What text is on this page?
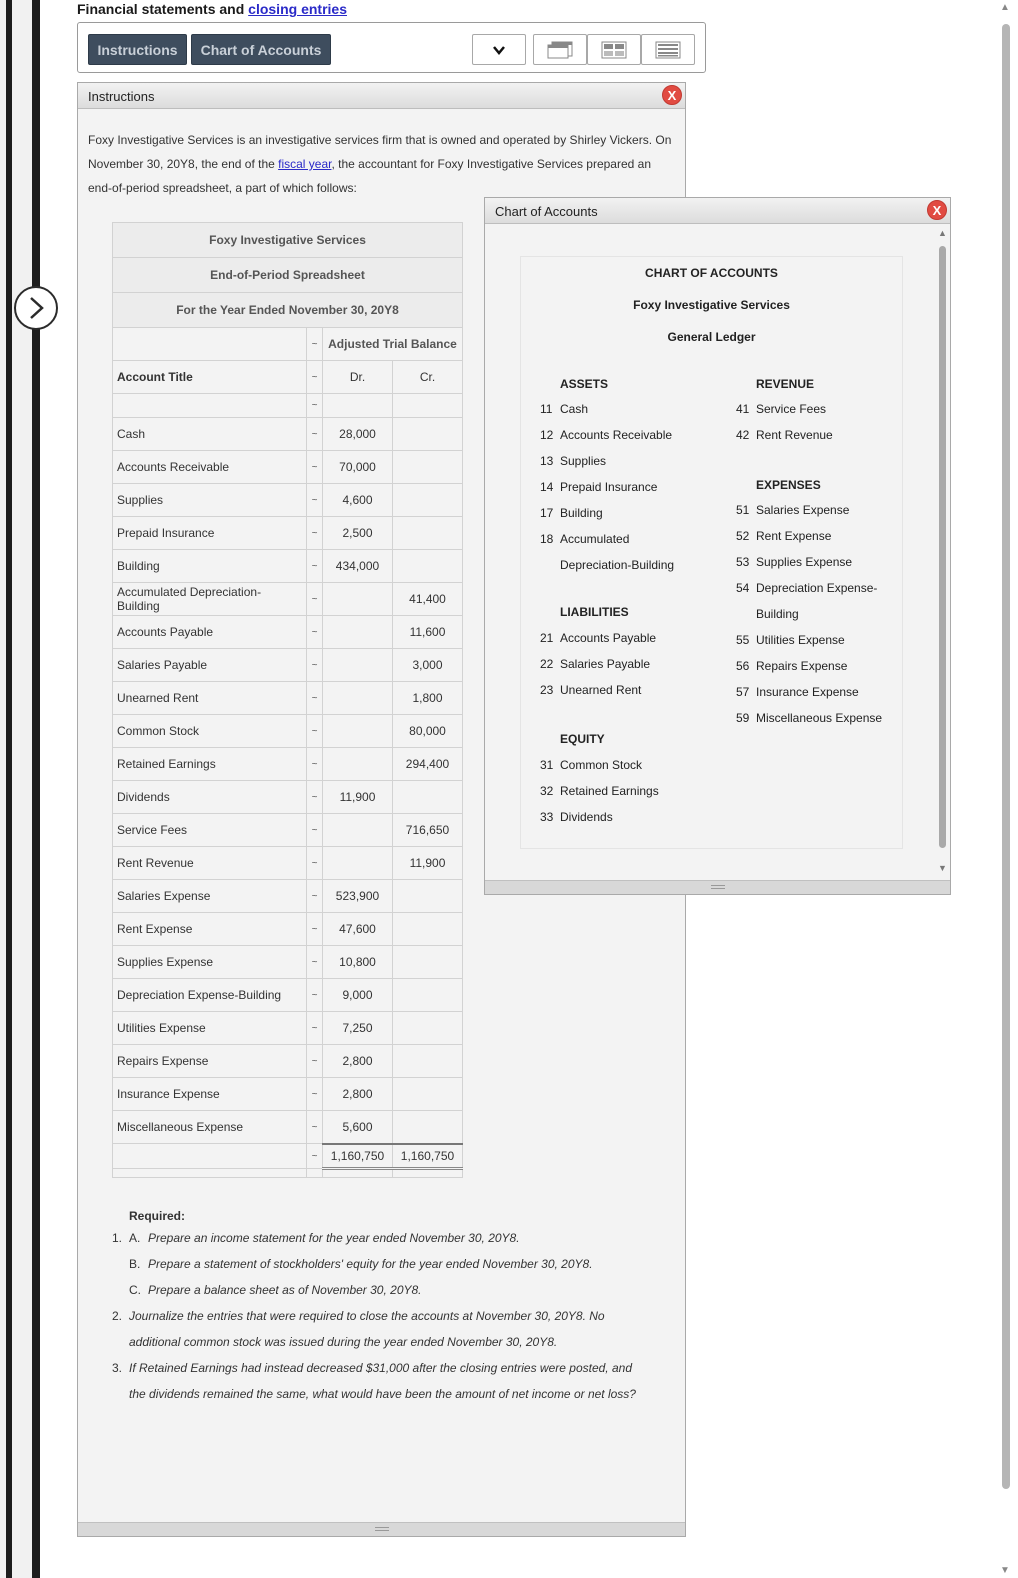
▲
▼
Financial statements and closing entries
Instructions	Chart of Accounts
Instructions	X
Foxy Investigative Services is an investigative services firm that is owned and operated by Shirley Vickers. On November 30, 20Y8, the end of the fiscal year, the accountant for Foxy Investigative Services prepared an end-of-period spreadsheet, a part of which follows:
Foxy Investigative Services			
End-of-Period Spreadsheet			
For the Year Ended November 30, 20Y8			
	~	Adjusted Trial Balance	
Account Title	~	Dr.	Cr.
	~		
Cash	~	28,000	
Accounts Receivable	~	70,000	
Supplies	~	4,600	
Prepaid Insurance	~	2,500	
Building	~	434,000	
Accumulated Depreciation-Building	~		41,400
Accounts Payable	~		11,600
Salaries Payable	~		3,000
Unearned Rent	~		1,800
Common Stock	~		80,000
Retained Earnings	~		294,400
Dividends	~	11,900	
Service Fees	~		716,650
Rent Revenue	~		11,900
Salaries Expense	~	523,900	
Rent Expense	~	47,600	
Supplies Expense	~	10,800	
Depreciation Expense-Building	~	9,000	
Utilities Expense	~	7,250	
Repairs Expense	~	2,800	
Insurance Expense	~	2,800	
Miscellaneous Expense	~	5,600	
	~	1,160,750	1,160,750

Required:
1. A. Prepare an income statement for the year ended November 30, 20Y8.
B. Prepare a statement of stockholders' equity for the year ended November 30, 20Y8.
C. Prepare a balance sheet as of November 30, 20Y8.
2. Journalize the entries that were required to close the accounts at November 30, 20Y8. No additional common stock was issued during the year ended November 30, 20Y8.
3. If Retained Earnings had instead decreased $31,000 after the closing entries were posted, and the dividends remained the same, what would have been the amount of net income or net loss?
Chart of Accounts	X
CHART OF ACCOUNTS
Foxy Investigative Services
General Ledger
ASSETS
11 Cash
12 Accounts Receivable
13 Supplies
14 Prepaid Insurance
17 Building
18 Accumulated
Depreciation-Building
LIABILITIES
21 Accounts Payable
22 Salaries Payable
23 Unearned Rent
EQUITY
31 Common Stock
32 Retained Earnings
33 Dividends
REVENUE
41 Service Fees
42 Rent Revenue
EXPENSES
51 Salaries Expense
52 Rent Expense
53 Supplies Expense
54 Depreciation Expense-
Building
55 Utilities Expense
56 Repairs Expense
57 Insurance Expense
59 Miscellaneous Expense
▲
▼
